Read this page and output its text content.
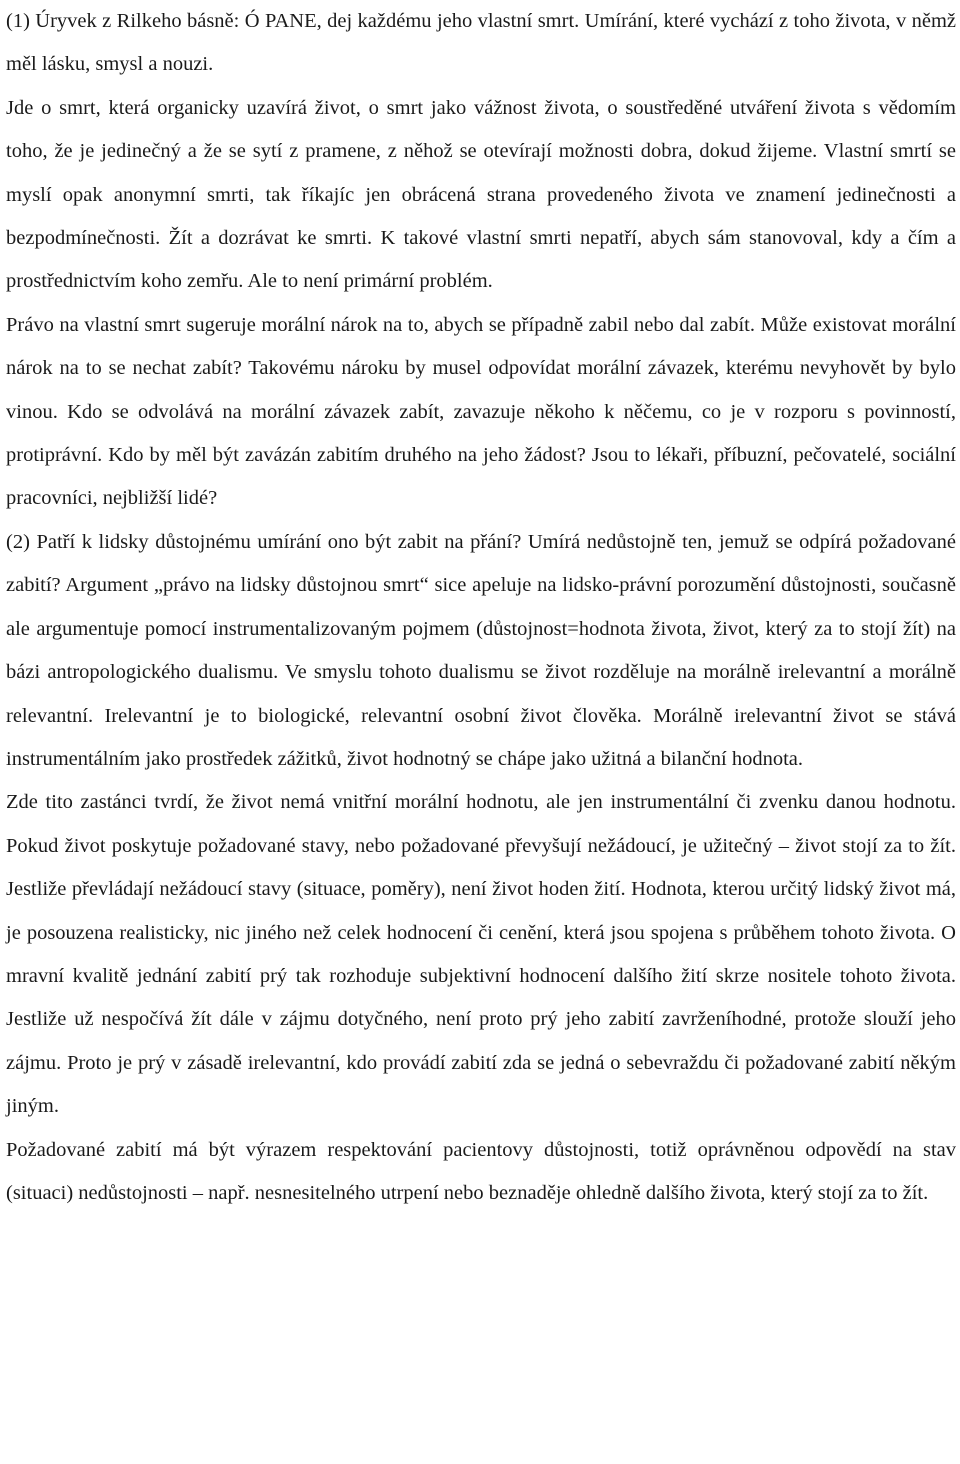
(1) Úryvek z Rilkeho básně: Ó PANE, dej každému jeho vlastní smrt. Umírání, které vychází z toho života, v němž měl lásku, smysl a nouzi.

Jde o smrt, která organicky uzavírá život, o smrt jako vážnost života, o soustředěné utváření života s vědomím toho, že je jedinečný a že se sytí z pramene, z něhož se otevírají možnosti dobra, dokud žijeme. Vlastní smrtí se myslí opak anonymní smrti, tak říkajíc jen obrácená strana provedeného života ve znamení jedinečnosti a bezpodmínečnosti. Žít a dozrávat ke smrti. K takové vlastní smrti nepatří, abych sám stanovoval, kdy a čím a prostřednictvím koho zemřu. Ale to není primární problém.

Právo na vlastní smrt sugeruje morální nárok na to, abych se případně zabil nebo dal zabít. Může existovat morální nárok na to se nechat zabít? Takovému nároku by musel odpovídat morální závazek, kterému nevyhovět by bylo vinou. Kdo se odvolává na morální závazek zabít, zavazuje někoho k něčemu, co je v rozporu s povinností, protiprávní. Kdo by měl být zavázán zabitím druhého na jeho žádost? Jsou to lékaři, příbuzní, pečovatelé, sociální pracovníci, nejbližší lidé?

(2) Patří k lidsky důstojnému umírání ono být zabit na přání? Umírá nedůstojně ten, jemuž se odpírá požadované zabití? Argument „právo na lidsky důstojnou smrt“ sice apeluje na lidsko-právní porozumění důstojnosti, současně ale argumentuje pomocí instrumentalizovaným pojmem (důstojnost=hodnota života, život, který za to stojí žít) na bázi antropologického dualismu. Ve smyslu tohoto dualismu se život rozděluje na morálně irelevantní a morálně relevantní. Irelevantní je to biologické, relevantní osobní život člověka. Morálně irelevantní život se stává instrumentálním jako prostředek zážitků, život hodnotný se chápe jako užitná a bilanční hodnota.

Zde tito zastánci tvrdí, že život nemá vnitřní morální hodnotu, ale jen instrumentální či zvenku danou hodnotu. Pokud život poskytuje požadované stavy, nebo požadované převyšují nežádoucí, je užitečný – život stojí za to žít. Jestliže převládají nežádoucí stavy (situace, poměry), není život hoden žití. Hodnota, kterou určitý lidský život má, je posouzena realisticky, nic jiného než celek hodnocení či cenění, která jsou spojena s průběhem tohoto života. O mravní kvalitě jednání zabití prý tak rozhoduje subjektivní hodnocení dalšího žití skrze nositele tohoto života. Jestliže už nespočívá žít dále v zájmu dotyčného, není proto prý jeho zabití zavrženíhodné, protože slouží jeho zájmu. Proto je prý v zásadě irelevantní, kdo provádí zabití zda se jedná o sebevraždu či požadované zabití někým jiným.

Požadované zabití má být výrazem respektování pacientovy důstojnosti, totiž oprávněnou odpovědí na stav (situaci) nedůstojnosti – např. nesnesitelného utrpení nebo beznaděje ohledně dalšího života, který stojí za to žít.
